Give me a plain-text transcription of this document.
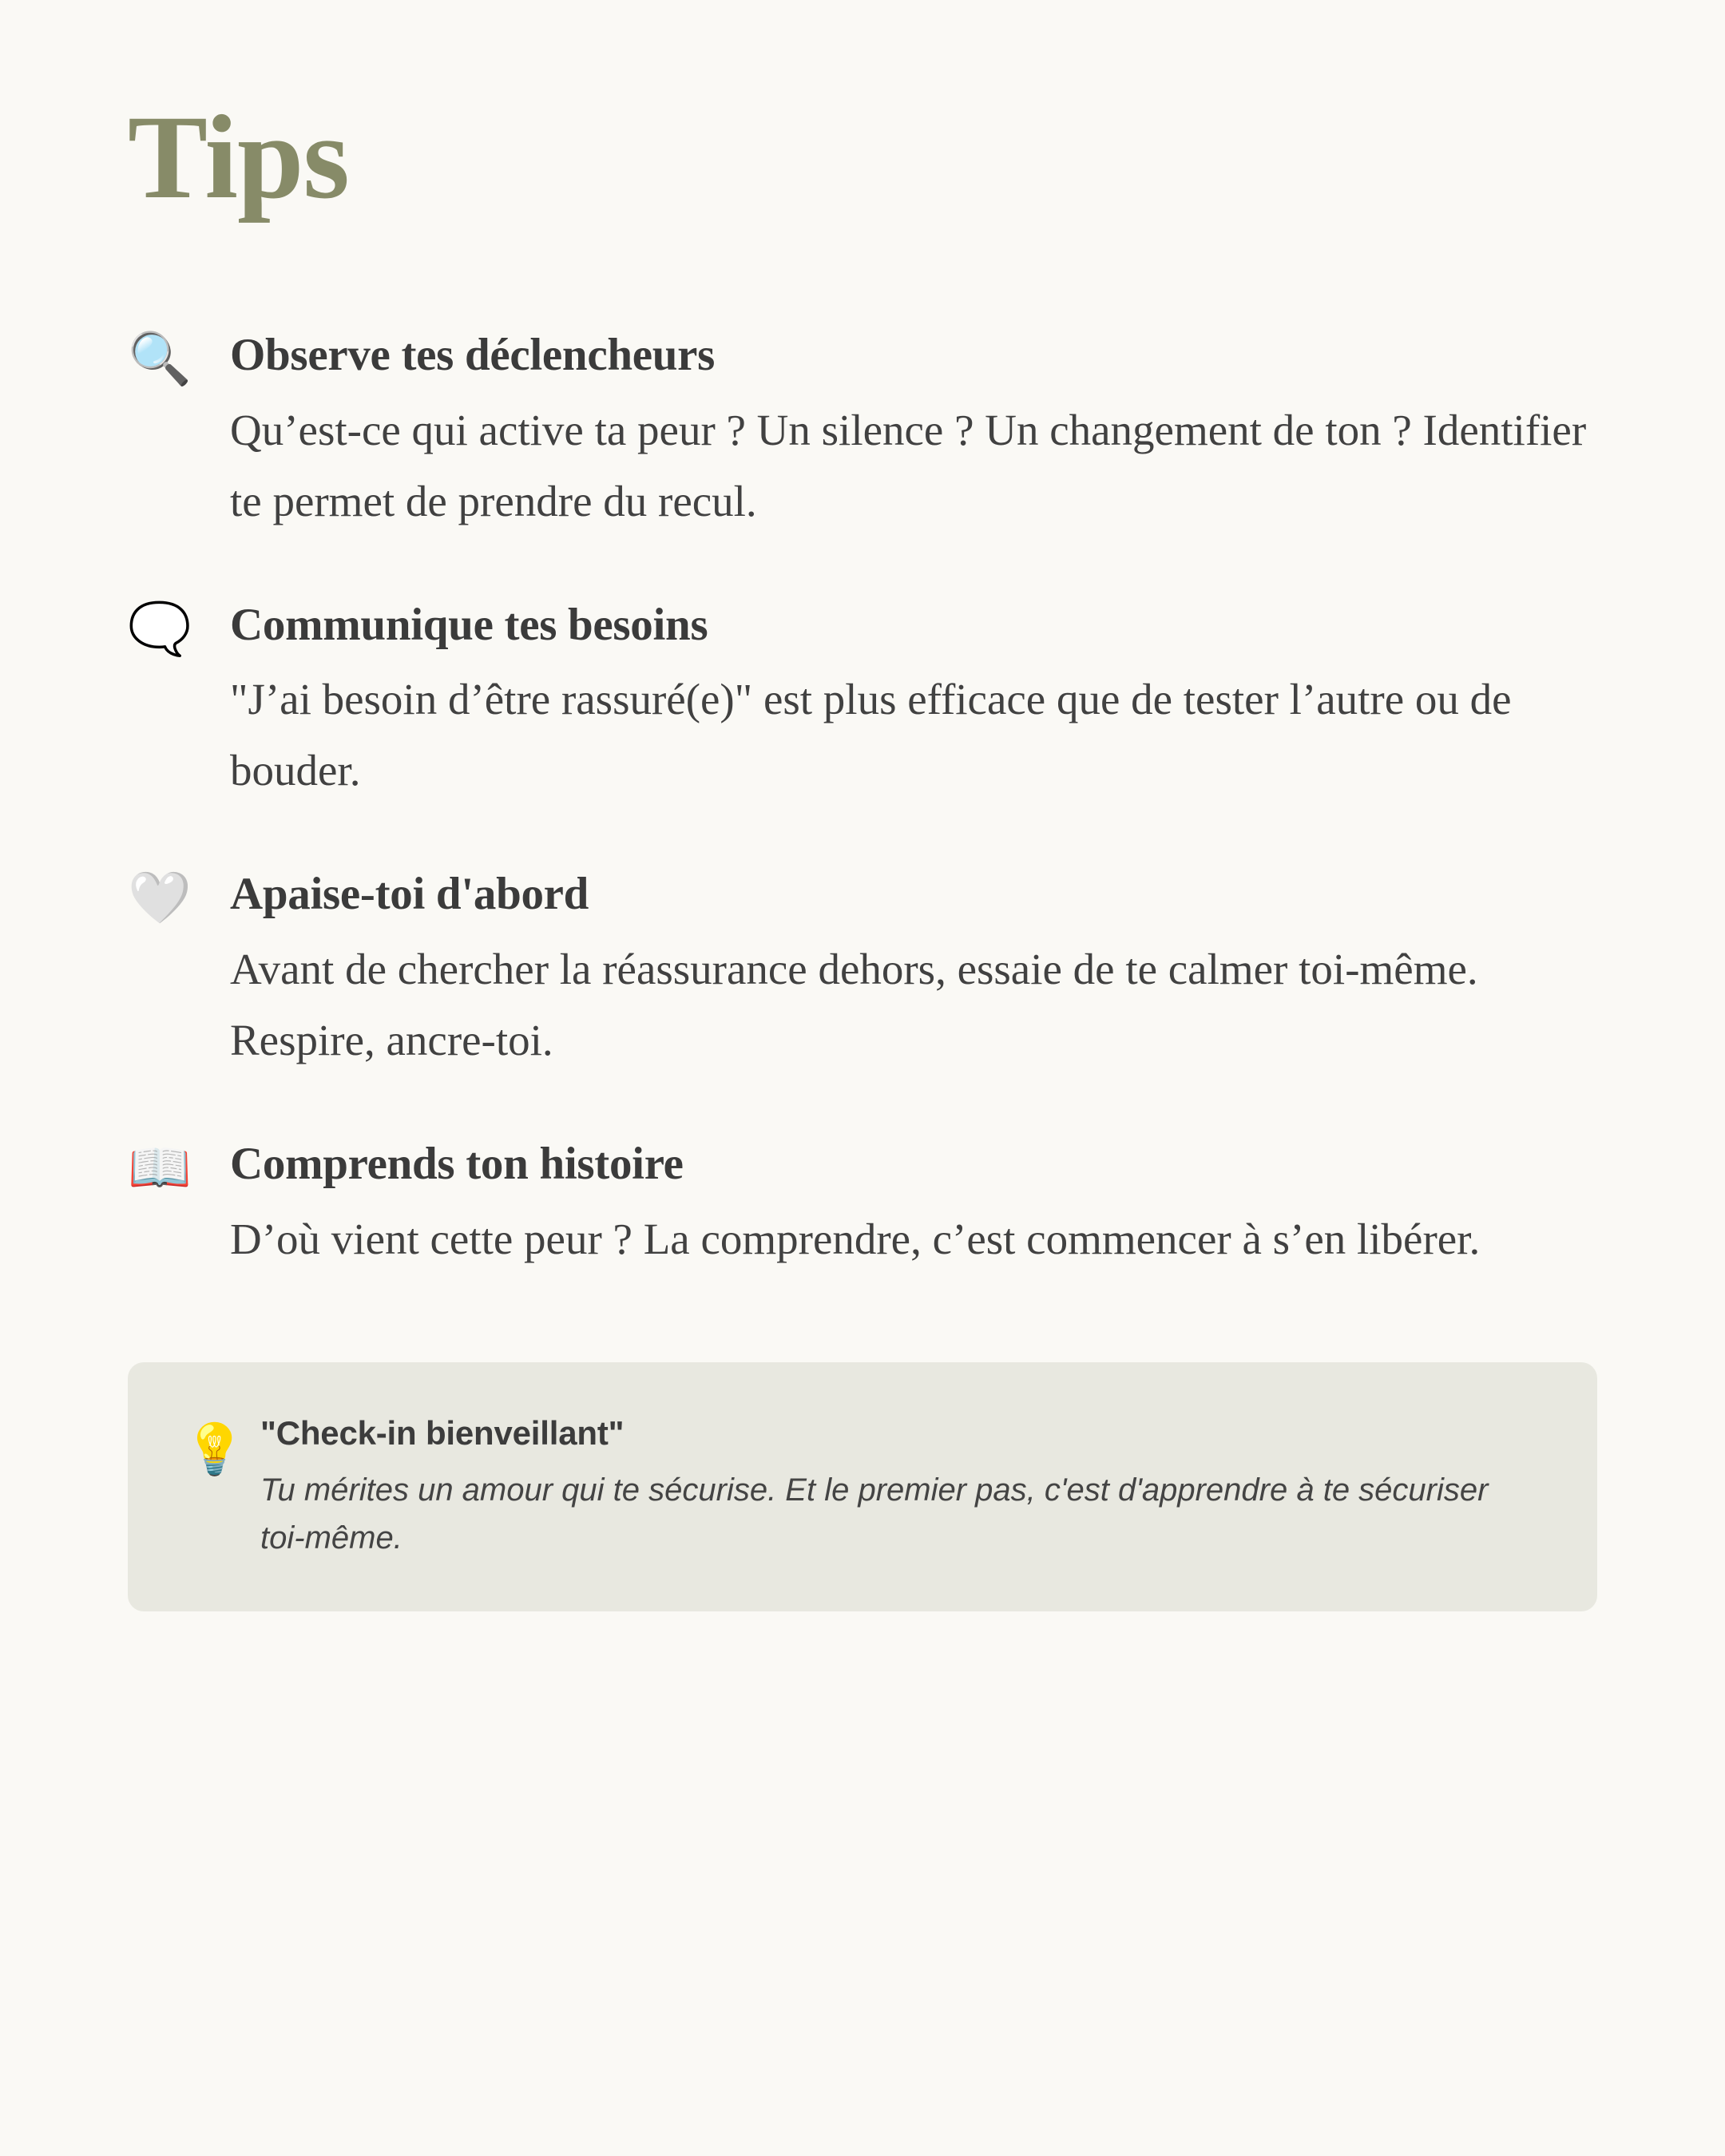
Tips
🔍 Observe tes déclencheurs

Qu’est-ce qui active ta peur ? Un silence ? Un changement de ton ? Identifier te permet de prendre du recul.

🗨️ Communique tes besoins

"J’ai besoin d’être rassuré(e)" est plus efficace que de tester l’autre ou de bouder.

🤍 Apaise-toi d'abord

Avant de chercher la réassurance dehors, essaie de te calmer toi-même. Respire, ancre-toi.

📖 Comprends ton histoire

D’où vient cette peur ? La comprendre, c’est commencer à s’en libérer.

💡 "Check-in bienveillant"

Tu mérites un amour qui te sécurise. Et le premier pas, c'est d'apprendre à te sécuriser toi-même.
